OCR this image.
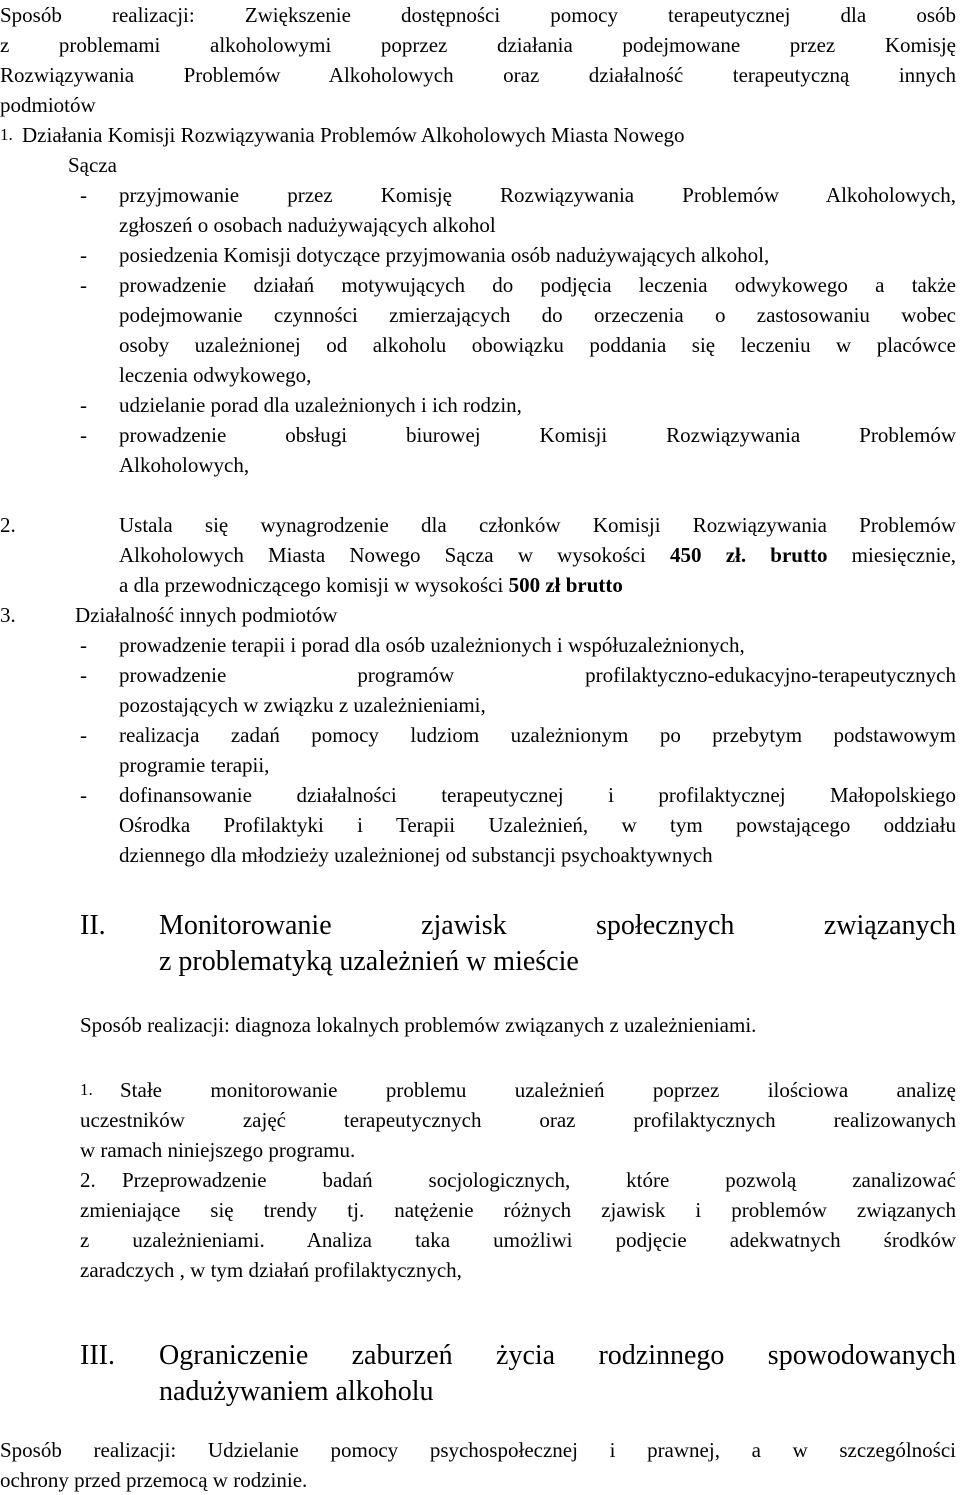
Sposób realizacji: Zwiększenie dostępności pomocy terapeutycznej dla osób
z problemami alkoholowymi poprzez działania podejmowane przez Komisję
Rozwiązywania Problemów Alkoholowych oraz działalność terapeutyczną innych
podmiotów
1. Działania Komisji Rozwiązywania Problemów Alkoholowych Miasta Nowego
Sącza
- przyjmowanie przez Komisję Rozwiązywania Problemów Alkoholowych,
zgłoszeń o osobach nadużywających alkohol
- posiedzenia Komisji dotyczące przyjmowania osób nadużywających alkohol,
- prowadzenie działań motywujących do podjęcia leczenia odwykowego a także
podejmowanie czynności zmierzających do orzeczenia o zastosowaniu wobec
osoby uzależnionej od alkoholu obowiązku poddania się leczeniu w placówce
leczenia odwykowego,
- udzielanie porad dla uzależnionych i ich rodzin,
- prowadzenie obsługi biurowej Komisji Rozwiązywania Problemów
Alkoholowych,
2.	Ustala się wynagrodzenie dla członków Komisji Rozwiązywania Problemów
Alkoholowych Miasta Nowego Sącza w wysokości 450 zł. brutto miesięcznie,
a dla przewodniczącego komisji w wysokości 500 zł brutto
3.	Działalność innych podmiotów
- prowadzenie terapii i porad dla osób uzależnionych i współuzależnionych,
- prowadzenie programów profilaktyczno-edukacyjno-terapeutycznych
pozostających w związku z uzależnieniami,
- realizacja zadań pomocy ludziom uzależnionym po przebytym podstawowym
programie terapii,
- dofinansowanie działalności terapeutycznej i profilaktycznej Małopolskiego
Ośrodka Profilaktyki i Terapii Uzależnień, w tym powstającego oddziału
dziennego dla młodzieży uzależnionej od substancji psychoaktywnych
II. Monitorowanie zjawisk społecznych związanych
z problematyką uzależnień w mieście
Sposób realizacji: diagnoza lokalnych problemów związanych z uzależnieniami.
1.	Stałe monitorowanie problemu uzależnień poprzez ilościowa analizę
uczestników zajęć terapeutycznych oraz profilaktycznych realizowanych
w ramach niniejszego programu.
2.	Przeprowadzenie badań socjologicznych, które pozwolą zanalizować
zmieniające się trendy tj. natężenie różnych zjawisk i problemów związanych
z uzależnieniami. Analiza taka umożliwi podjęcie adekwatnych środków
zaradczych , w tym działań profilaktycznych,
III. Ograniczenie zaburzeń życia rodzinnego spowodowanych
nadużywaniem alkoholu
Sposób realizacji: Udzielanie pomocy psychospołecznej i prawnej, a w szczególności
ochrony przed przemocą w rodzinie.
